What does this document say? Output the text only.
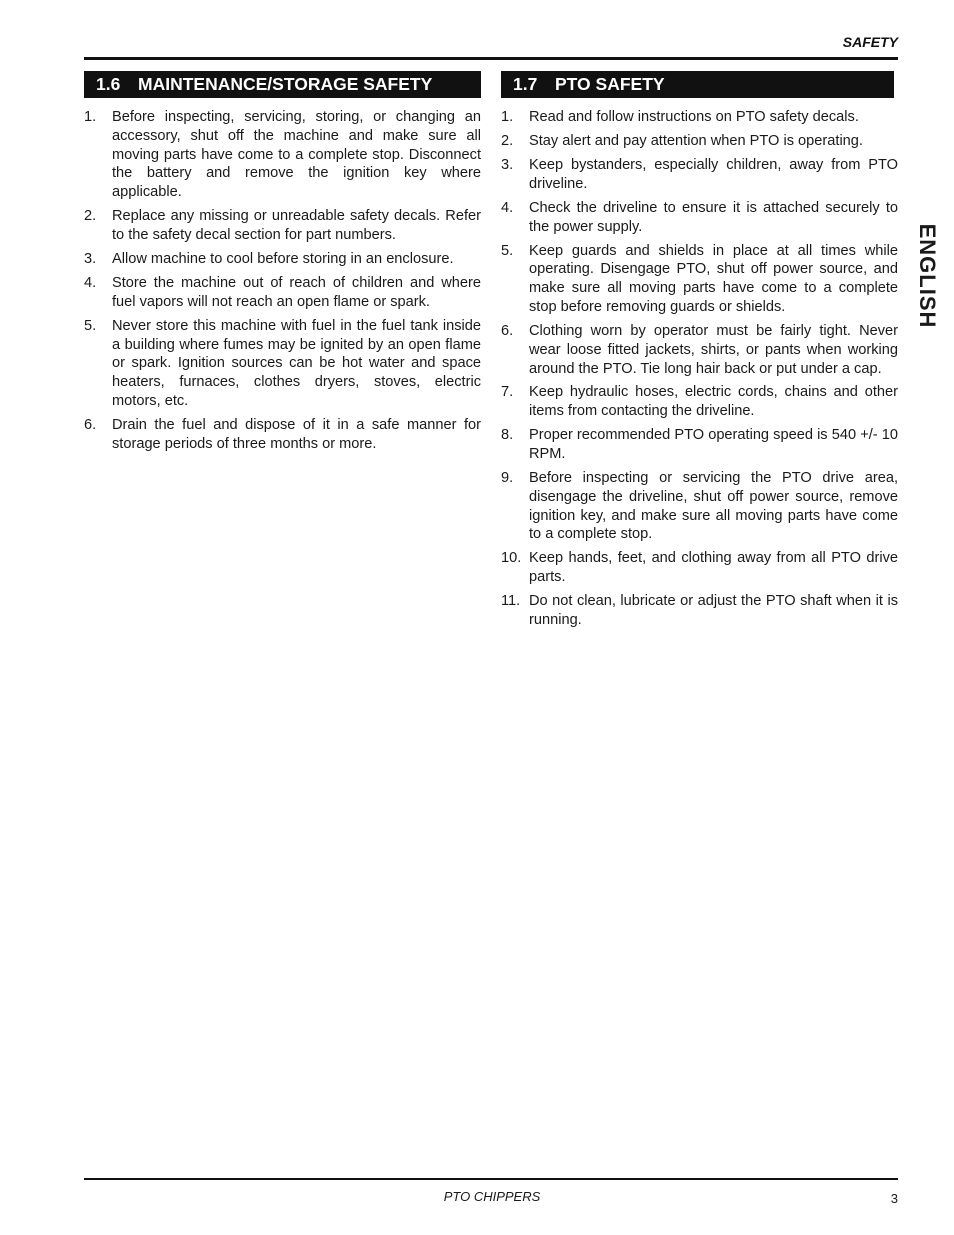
SAFETY
1.6 MAINTENANCE/STORAGE SAFETY	1.7 PTO SAFETY
1. Before inspecting, servicing, storing, or changing an accessory, shut off the machine and make sure all moving parts have come to a complete stop. Disconnect the battery and remove the ignition key where applicable.
2. Replace any missing or unreadable safety decals. Refer to the safety decal section for part numbers.
3. Allow machine to cool before storing in an enclosure.
4. Store the machine out of reach of children and where fuel vapors will not reach an open flame or spark.
5. Never store this machine with fuel in the fuel tank inside a building where fumes may be ignited by an open flame or spark. Ignition sources can be hot water and space heaters, furnaces, clothes dryers, stoves, electric motors, etc.
6. Drain the fuel and dispose of it in a safe manner for storage periods of three months or more.
1. Read and follow instructions on PTO safety decals.
2. Stay alert and pay attention when PTO is operating.
3. Keep bystanders, especially children, away from PTO driveline.
4. Check the driveline to ensure it is attached securely to the power supply.
5. Keep guards and shields in place at all times while operating. Disengage PTO, shut off power source, and make sure all moving parts have come to a complete stop before removing guards or shields.
6. Clothing worn by operator must be fairly tight. Never wear loose fitted jackets, shirts, or pants when working around the PTO. Tie long hair back or put under a cap.
7. Keep hydraulic hoses, electric cords, chains and other items from contacting the driveline.
8. Proper recommended PTO operating speed is 540 +/- 10 RPM.
9. Before inspecting or servicing the PTO drive area, disengage the driveline, shut off power source, remove ignition key, and make sure all moving parts have come to a complete stop.
10. Keep hands, feet, and clothing away from all PTO drive parts.
11. Do not clean, lubricate or adjust the PTO shaft when it is running.
ENGLISH
PTO CHIPPERS	3
